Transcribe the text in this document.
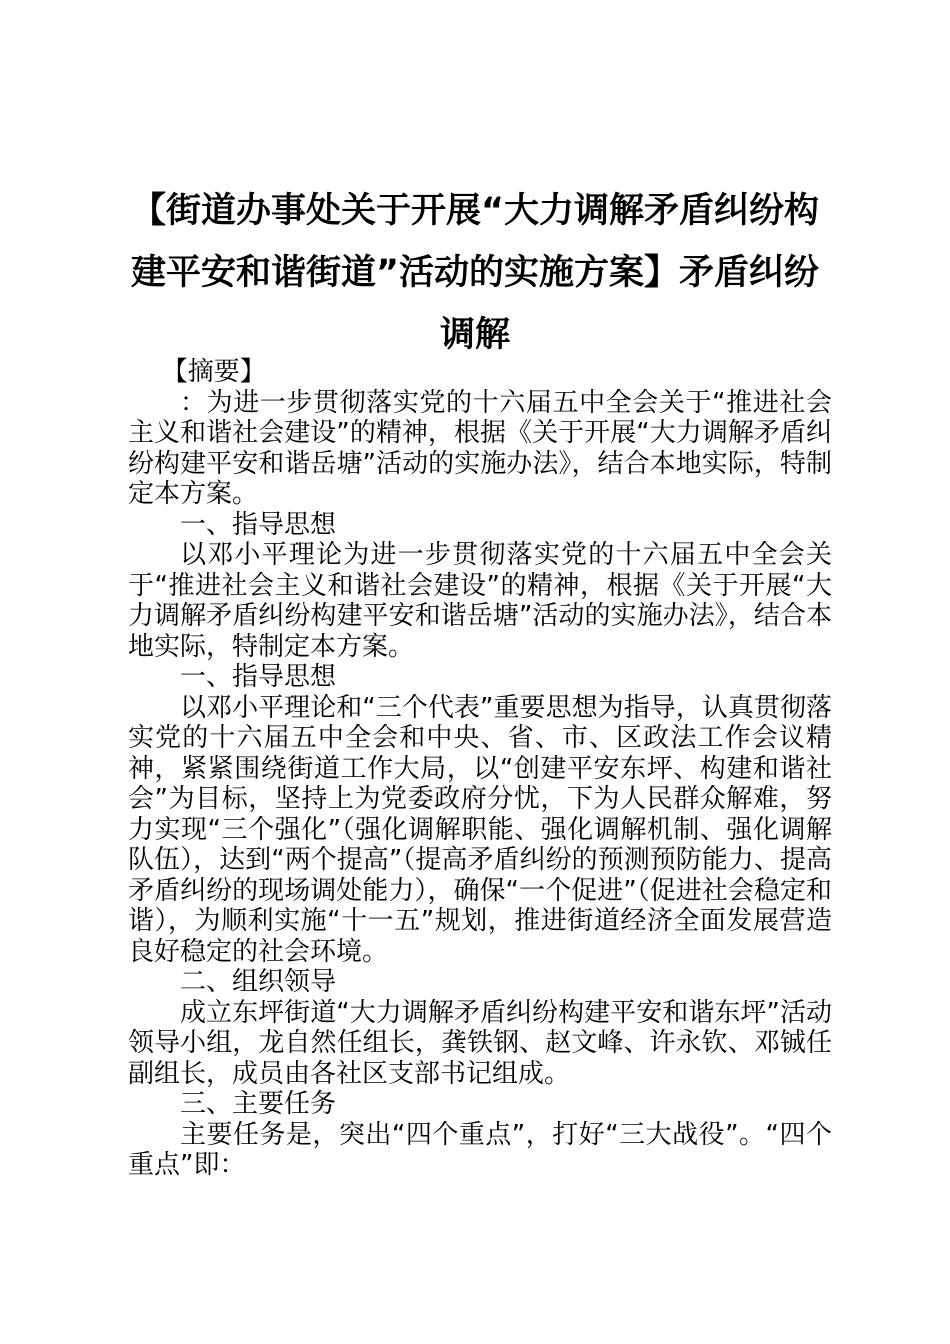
【街道办事处关于开展“大力调解矛盾纠纷构建平安和谐街道”活动的实施方案】矛盾纠纷调解

【摘要】

：为进一步贯彻落实党的十六届五中全会关于“推进社会主义和谐社会建设”的精神，根据《关于开展“大力调解矛盾纠纷构建平安和谐岳塘”活动的实施办法》，结合本地实际，特制定本方案。

一、指导思想

以邓小平理论为进一步贯彻落实党的十六届五中全会关于“推进社会主义和谐社会建设”的精神，根据《关于开展“大力调解矛盾纠纷构建平安和谐岳塘”活动的实施办法》，结合本地实际，特制定本方案。

一、指导思想

以邓小平理论和“三个代表”重要思想为指导，认真贯彻落实党的十六届五中全会和中央、省、市、区政法工作会议精神，紧紧围绕街道工作大局，以“创建平安东坪、构建和谐社会”为目标，坚持上为党委政府分忧，下为人民群众解难，努力实现“三个强化”（强化调解职能、强化调解机制、强化调解队伍），达到“两个提高”（提高矛盾纠纷的预测预防能力、提高矛盾纠纷的现场调处能力），确保“一个促进”（促进社会稳定和谐），为顺利实施“十一五”规划，推进街道经济全面发展营造良好稳定的社会环境。

二、组织领导

成立东坪街道“大力调解矛盾纠纷构建平安和谐东坪”活动领导小组，龙自然任组长，龚铁钢、赵文峰、许永钦、邓铖任副组长，成员由各社区支部书记组成。

三、主要任务

主要任务是，突出“四个重点”，打好“三大战役”。“四个重点”即：
